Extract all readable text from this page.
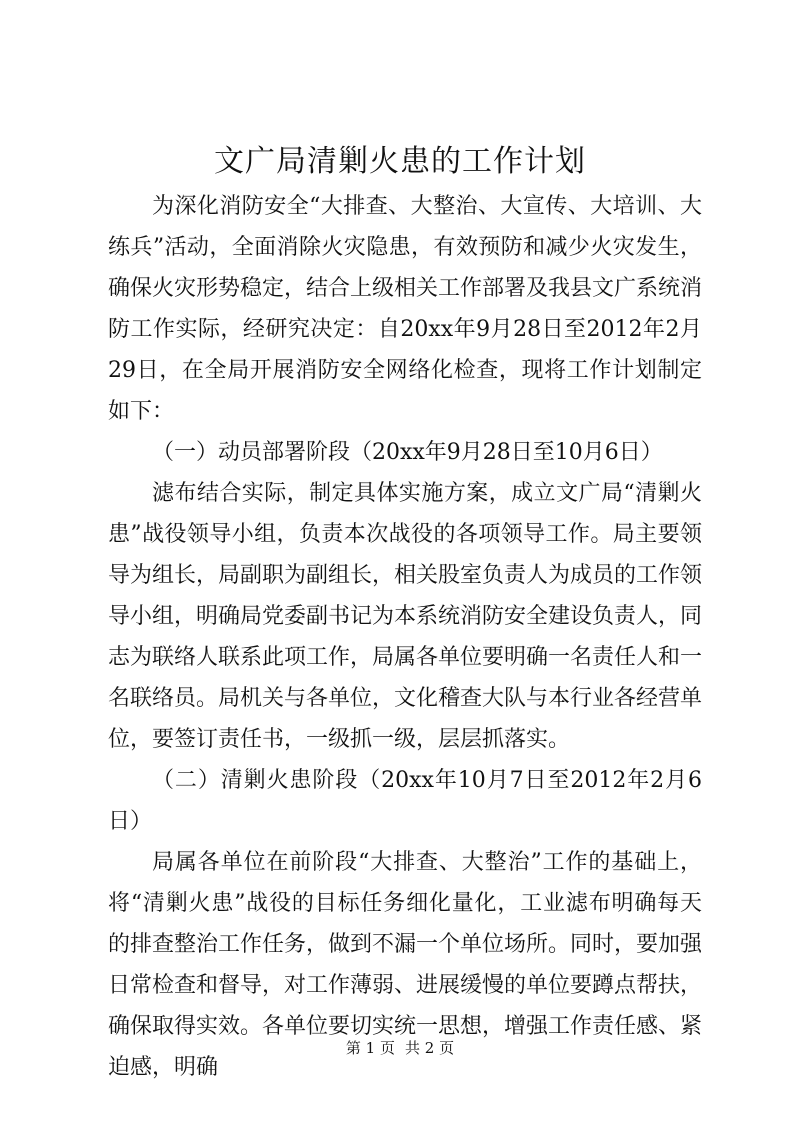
文广局清剿火患的工作计划

为深化消防安全“大排查、大整治、大宣传、大培训、大练兵”活动，全面消除火灾隐患，有效预防和减少火灾发生，确保火灾形势稳定，结合上级相关工作部署及我县文广系统消防工作实际，经研究决定：自20xx年9月28日至2012年2月29日，在全局开展消防安全网络化检查，现将工作计划制定如下：

（一）动员部署阶段（20xx年9月28日至10月6日）

滤布结合实际，制定具体实施方案，成立文广局“清剿火患”战役领导小组，负责本次战役的各项领导工作。局主要领导为组长，局副职为副组长，相关股室负责人为成员的工作领导小组，明确局党委副书记为本系统消防安全建设负责人，同志为联络人联系此项工作，局属各单位要明确一名责任人和一名联络员。局机关与各单位，文化稽查大队与本行业各经营单位，要签订责任书，一级抓一级，层层抓落实。

（二）清剿火患阶段（20xx年10月7日至2012年2月6日）

局属各单位在前阶段“大排查、大整治”工作的基础上，将“清剿火患”战役的目标任务细化量化，工业滤布明确每天的排查整治工作任务，做到不漏一个单位场所。同时，要加强日常检查和督导，对工作薄弱、进展缓慢的单位要蹲点帮扶，确保取得实效。各单位要切实统一思想，增强工作责任感、紧迫感，明确

第 1 页 共 2 页
